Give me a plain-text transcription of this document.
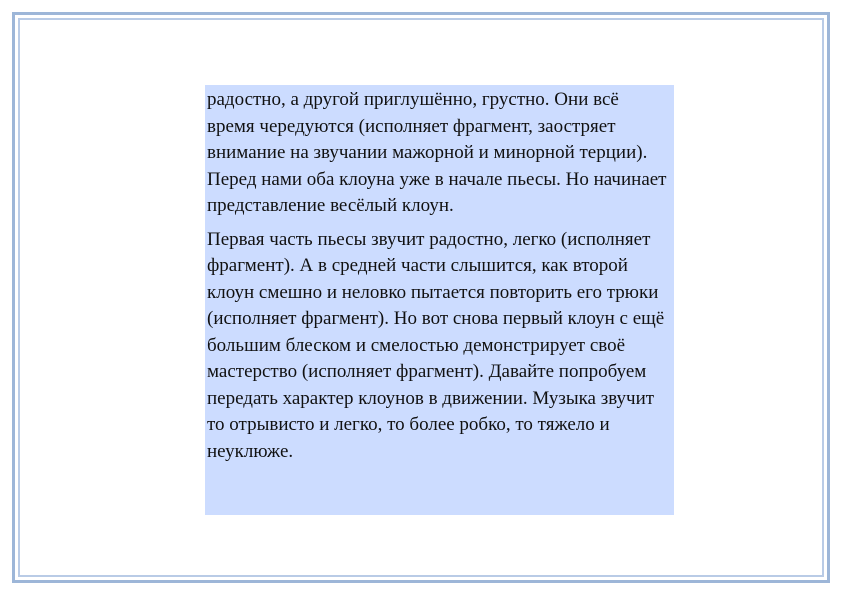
радостно, а другой приглушённо, грустно. Они всё время чередуются (исполняет фрагмент, заостряет внимание на звучании мажорной и минорной терции). Перед нами оба клоуна уже в начале пьесы. Но начинает представление весёлый клоун.

Первая часть пьесы звучит радостно, легко (исполняет фрагмент). А в средней части слышится, как второй клоун смешно и неловко пытается повторить его трюки (исполняет фрагмент). Но вот снова первый клоун с ещё большим блеском и смелостью демонстрирует своё мастерство (исполняет фрагмент). Давайте попробуем передать характер клоунов в движении. Музыка звучит то отрывисто и легко, то более робко, то тяжело и неуклюже.
